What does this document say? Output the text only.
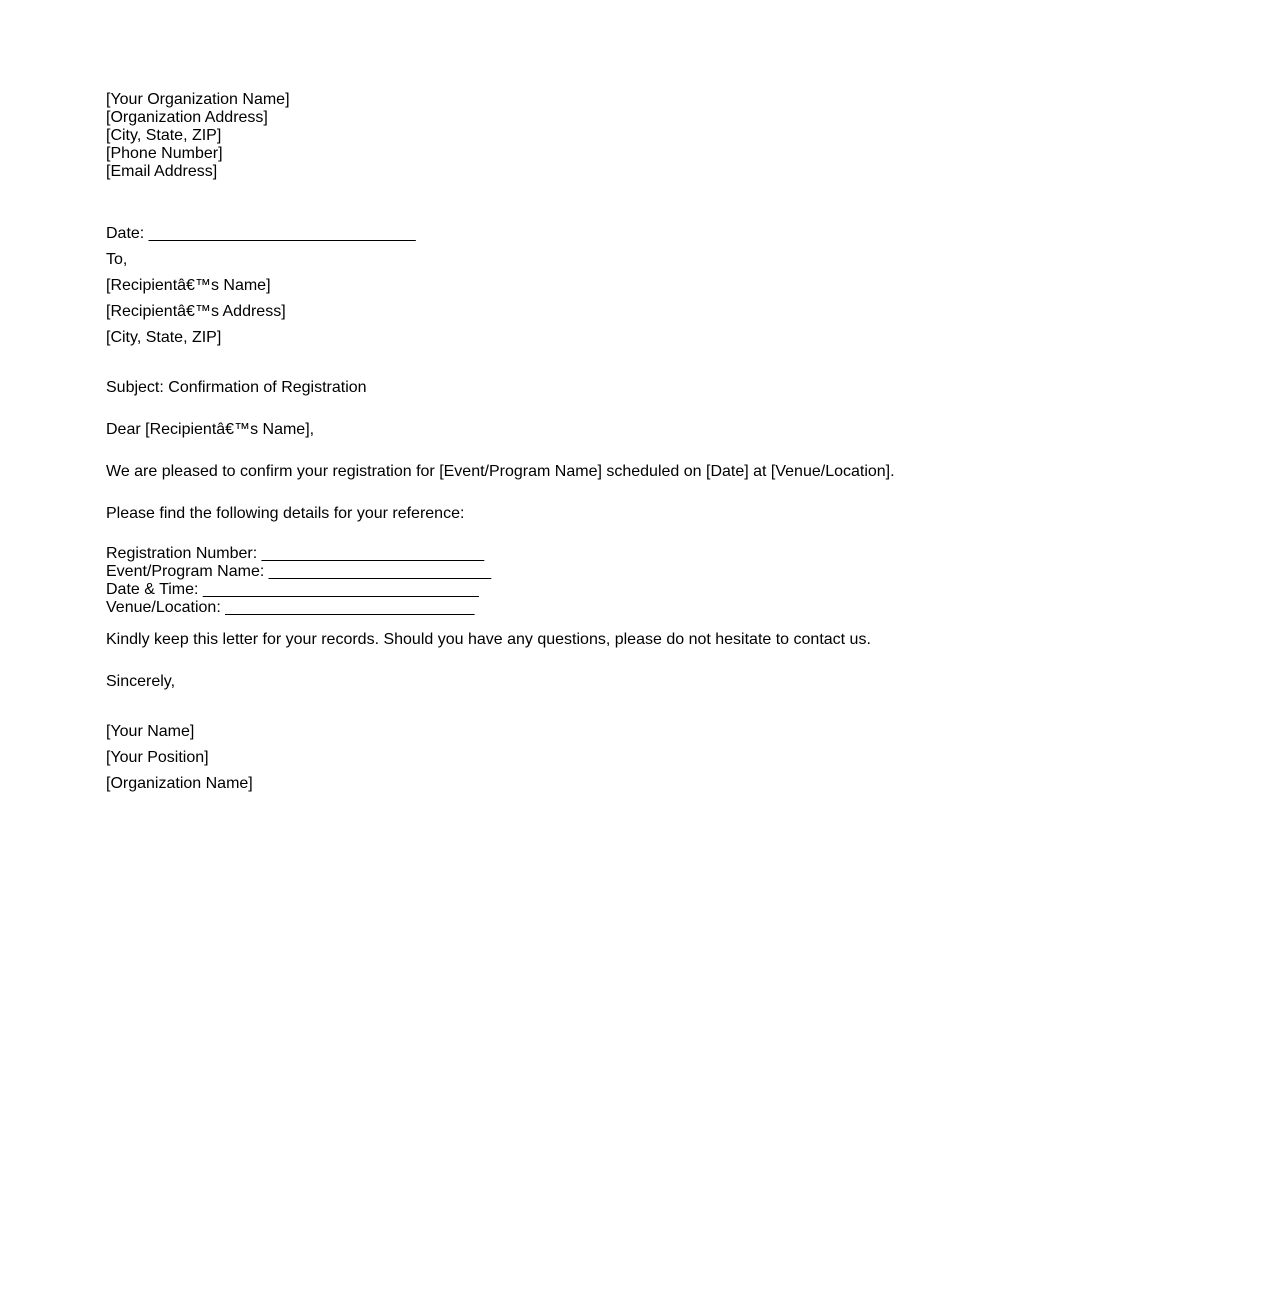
[Your Organization Name]

[Organization Address]

[City, State, ZIP]

[Phone Number]

[Email Address]

Date: ______________________________

To,

[Recipientâ€™s Name]

[Recipientâ€™s Address]

[City, State, ZIP]

Subject: Confirmation of Registration

Dear [Recipientâ€™s Name],

We are pleased to confirm your registration for [Event/Program Name] scheduled on [Date] at [Venue/Location].

Please find the following details for your reference:

Registration Number: _________________________

Event/Program Name: _________________________

Date & Time: _______________________________

Venue/Location: ____________________________

Kindly keep this letter for your records. Should you have any questions, please do not hesitate to contact us.

Sincerely,

[Your Name]

[Your Position]

[Organization Name]
